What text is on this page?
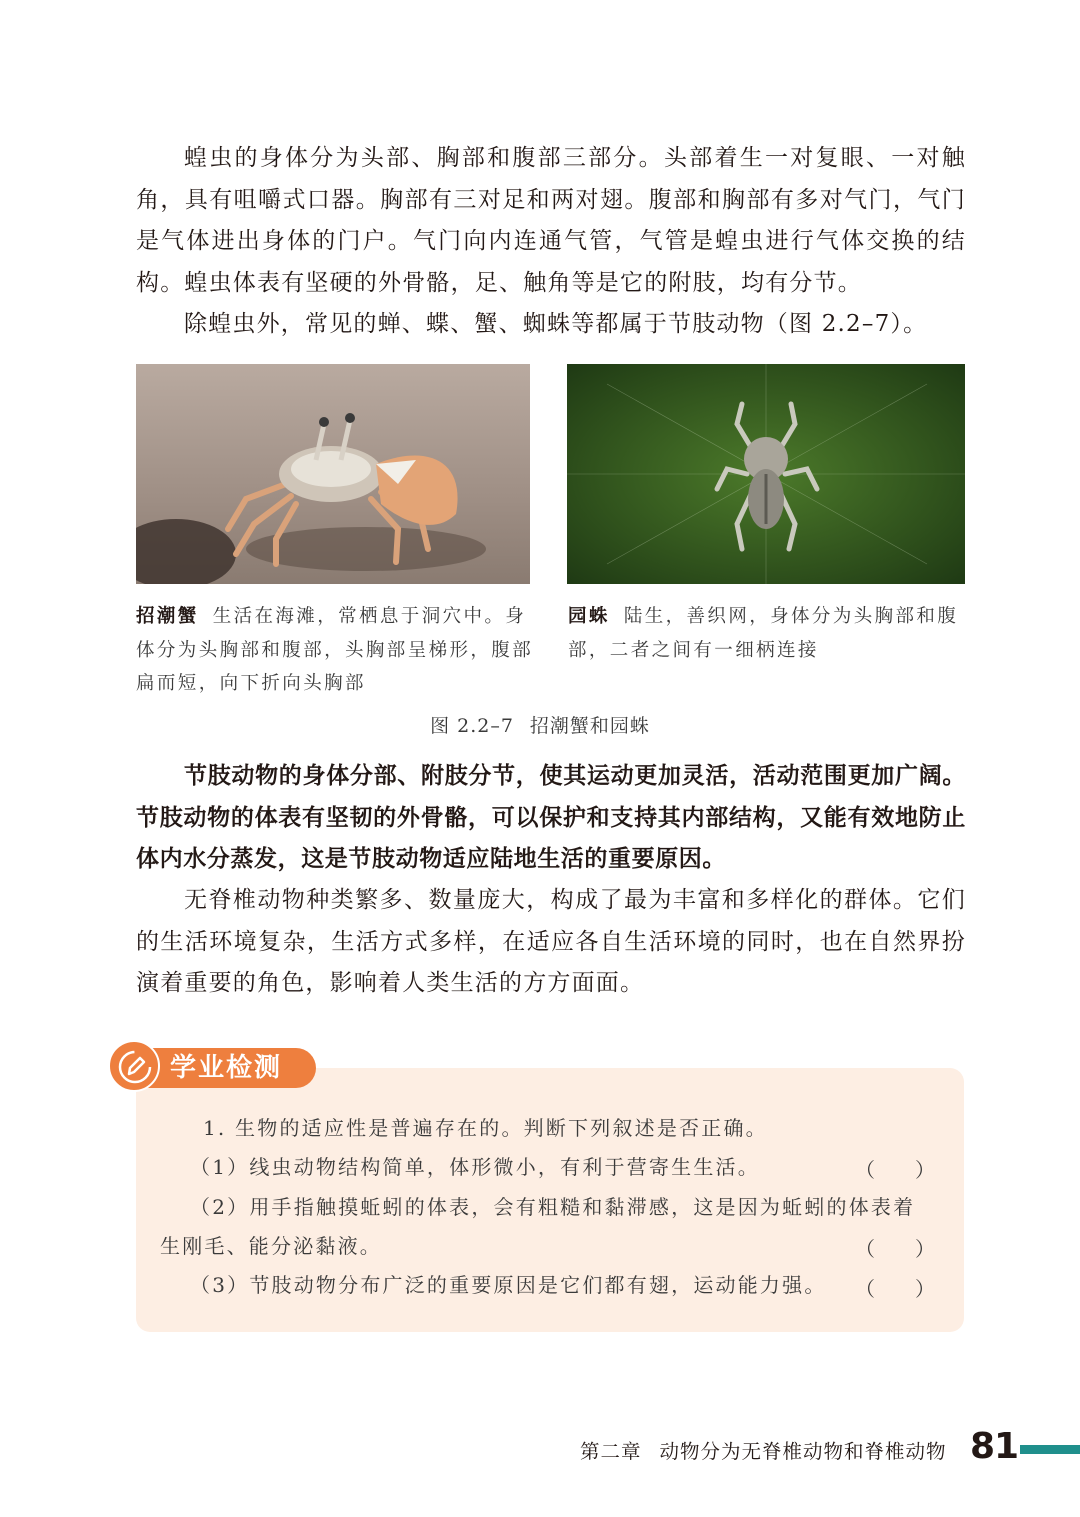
蝗虫的身体分为头部、胸部和腹部三部分。头部着生一对复眼、一对触角，具有咀嚼式口器。胸部有三对足和两对翅。腹部和胸部有多对气门，气门是气体进出身体的门户。气门向内连通气管，气管是蝗虫进行气体交换的结构。蝗虫体表有坚硬的外骨骼，足、触角等是它的附肢，均有分节。

除蝗虫外，常见的蝉、蝶、蟹、蜘蛛等都属于节肢动物（图 2.2–7）。

招潮蟹 生活在海滩，常栖息于洞穴中。身体分为头胸部和腹部，头胸部呈梯形，腹部扁而短，向下折向头胸部
园蛛 陆生，善织网，身体分为头胸部和腹部，二者之间有一细柄连接
图 2.2–7 招潮蟹和园蛛

节肢动物的身体分部、附肢分节，使其运动更加灵活，活动范围更加广阔。节肢动物的体表有坚韧的外骨骼，可以保护和支持其内部结构，又能有效地防止体内水分蒸发，这是节肢动物适应陆地生活的重要原因。

无脊椎动物种类繁多、数量庞大，构成了最为丰富和多样化的群体。它们的生活环境复杂，生活方式多样，在适应各自生活环境的同时，也在自然界扮演着重要的角色，影响着人类生活的方方面面。

学业检测

1. 生物的适应性是普遍存在的。判断下列叙述是否正确。

（1）线虫动物结构简单，体形微小，有利于营寄生生活。	（　　）

（2）用手指触摸蚯蚓的体表，会有粗糙和黏滞感，这是因为蚯蚓的体表着

生刚毛、能分泌黏液。	（　　）

（3）节肢动物分布广泛的重要原因是它们都有翅，运动能力强。 （　　）
第二章 动物分为无脊椎动物和脊椎动物 81
